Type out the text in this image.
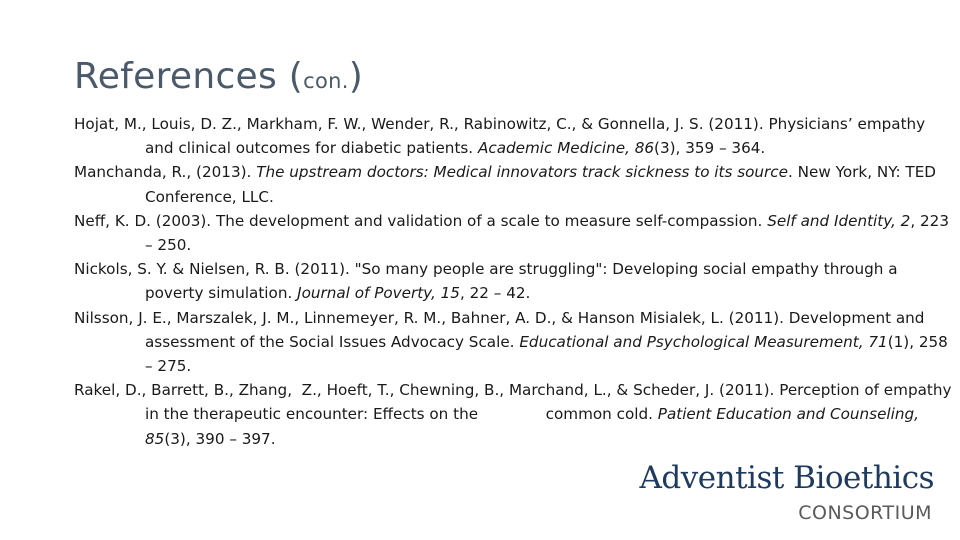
References (con.)

Hojat, M., Louis, D. Z., Markham, F. W., Wender, R., Rabinowitz, C., & Gonnella, J. S. (2011). Physicians’ empathy and clinical outcomes for diabetic patients. Academic Medicine, 86(3), 359 – 364.

Manchanda, R., (2013). The upstream doctors: Medical innovators track sickness to its source. New York, NY: TED Conference, LLC.

Neff, K. D. (2003). The development and validation of a scale to measure self-compassion. Self and Identity, 2, 223 – 250.

Nickols, S. Y. & Nielsen, R. B. (2011). "So many people are struggling": Developing social empathy through a poverty simulation. Journal of Poverty, 15, 22 – 42.

Nilsson, J. E., Marszalek, J. M., Linnemeyer, R. M., Bahner, A. D., & Hanson Misialek, L. (2011). Development and assessment of the Social Issues Advocacy Scale. Educational and Psychological Measurement, 71(1), 258 – 275.

Rakel, D., Barrett, B., Zhang,  Z., Hoeft, T., Chewning, B., Marchand, L., & Scheder, J. (2011). Perception of empathy in the therapeutic encounter: Effects on the              common cold. Patient Education and Counseling, 85(3), 390 – 397.

Adventist Bioethics
CONSORTIUM
